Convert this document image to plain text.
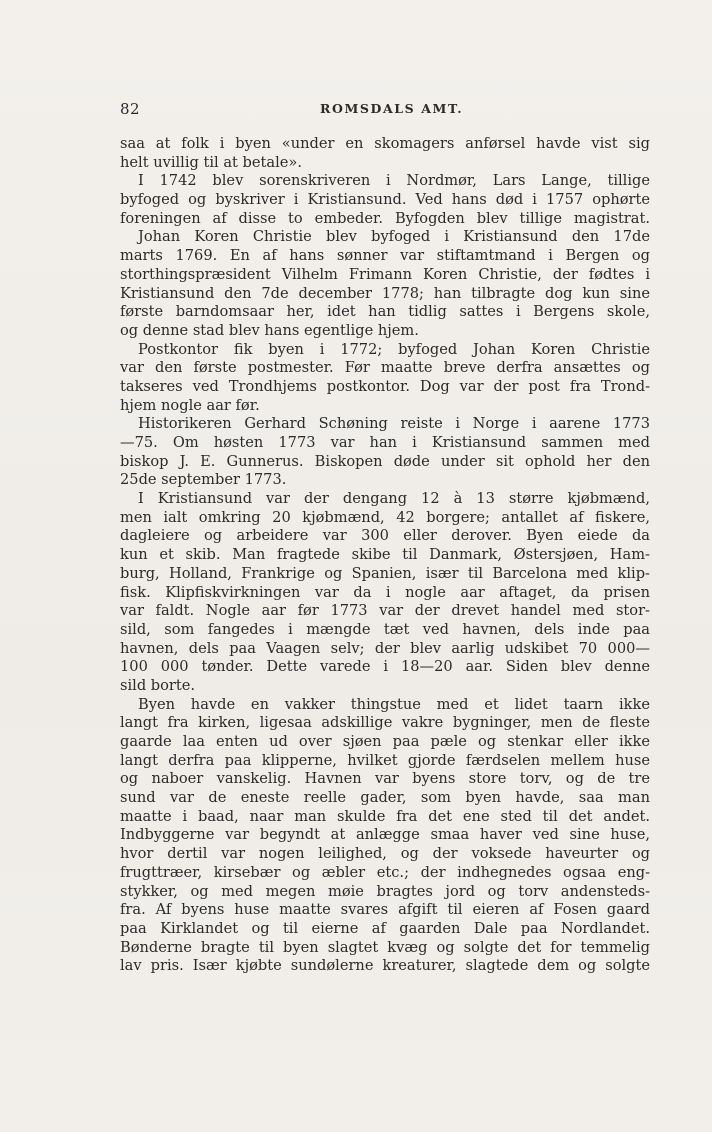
82	ROMSDALS AMT.
saa at folk i byen «under en skomagers anførsel havde vist sig
helt uvillig til at betale».
I 1742 blev sorenskriveren i Nordmør, Lars Lange, tillige
byfoged og byskriver i Kristiansund. Ved hans død i 1757 ophørte
foreningen af disse to embeder. Byfogden blev tillige magistrat.
Johan Koren Christie blev byfoged i Kristiansund den 17de
marts 1769. En af hans sønner var stiftamtmand i Bergen og
storthingspræsident Vilhelm Frimann Koren Christie, der fødtes i
Kristiansund den 7de december 1778; han tilbragte dog kun sine
første barndomsaar her, idet han tidlig sattes i Bergens skole,
og denne stad blev hans egentlige hjem.
Postkontor fik byen i 1772; byfoged Johan Koren Christie
var den første postmester. Før maatte breve derfra ansættes og
takseres ved Trondhjems postkontor. Dog var der post fra Trond-
hjem nogle aar før.
Historikeren Gerhard Schøning reiste i Norge i aarene 1773
—75. Om høsten 1773 var han i Kristiansund sammen med
biskop J. E. Gunnerus. Biskopen døde under sit ophold her den
25de september 1773.
I Kristiansund var der dengang 12 à 13 større kjøbmænd,
men ialt omkring 20 kjøbmænd, 42 borgere; antallet af fiskere,
dagleiere og arbeidere var 300 eller derover. Byen eiede da
kun et skib. Man fragtede skibe til Danmark, Østersjøen, Ham-
burg, Holland, Frankrige og Spanien, især til Barcelona med klip-
fisk. Klipfiskvirkningen var da i nogle aar aftaget, da prisen
var faldt. Nogle aar før 1773 var der drevet handel med stor-
sild, som fangedes i mængde tæt ved havnen, dels inde paa
havnen, dels paa Vaagen selv; der blev aarlig udskibet 70 000—
100 000 tønder. Dette varede i 18—20 aar. Siden blev denne
sild borte.
Byen havde en vakker thingstue med et lidet taarn ikke
langt fra kirken, ligesaa adskillige vakre bygninger, men de fleste
gaarde laa enten ud over sjøen paa pæle og stenkar eller ikke
langt derfra paa klipperne, hvilket gjorde færdselen mellem huse
og naboer vanskelig. Havnen var byens store torv, og de tre
sund var de eneste reelle gader, som byen havde, saa man
maatte i baad, naar man skulde fra det ene sted til det andet.
Indbyggerne var begyndt at anlægge smaa haver ved sine huse,
hvor dertil var nogen leilighed, og der voksede haveurter og
frugttræer, kirsebær og æbler etc.; der indhegnedes ogsaa eng-
stykker, og med megen møie bragtes jord og torv andensteds-
fra. Af byens huse maatte svares afgift til eieren af Fosen gaard
paa Kirklandet og til eierne af gaarden Dale paa Nordlandet.
Bønderne bragte til byen slagtet kvæg og solgte det for temmelig
lav pris. Især kjøbte sundølerne kreaturer, slagtede dem og solgte
